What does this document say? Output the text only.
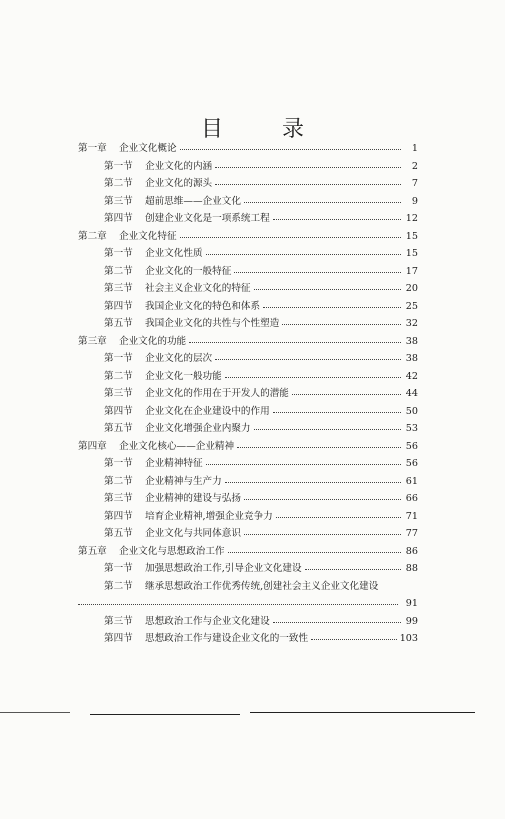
目 录
第一章 企业文化概论	1
第一节 企业文化的内涵	2
第二节 企业文化的源头	7
第三节 超前思维——企业文化	9
第四节 创建企业文化是一项系统工程	12
第二章 企业文化特征	15
第一节 企业文化性质	15
第二节 企业文化的一般特征	17
第三节 社会主义企业文化的特征	20
第四节 我国企业文化的特色和体系	25
第五节 我国企业文化的共性与个性塑造	32
第三章 企业文化的功能	38
第一节 企业文化的层次	38
第二节 企业文化一般功能	42
第三节 企业文化的作用在于开发人的潜能	44
第四节 企业文化在企业建设中的作用	50
第五节 企业文化增强企业内聚力	53
第四章 企业文化核心——企业精神	56
第一节 企业精神特征	56
第二节 企业精神与生产力	61
第三节 企业精神的建设与弘扬	66
第四节 培育企业精神,增强企业竞争力	71
第五节 企业文化与共同体意识	77
第五章 企业文化与思想政治工作	86
第一节 加强思想政治工作,引导企业文化建设	88
第二节 继承思想政治工作优秀传统,创建社会主义企业文化建设
91
第三节 思想政治工作与企业文化建设	99
第四节 思想政治工作与建设企业文化的一致性	103
